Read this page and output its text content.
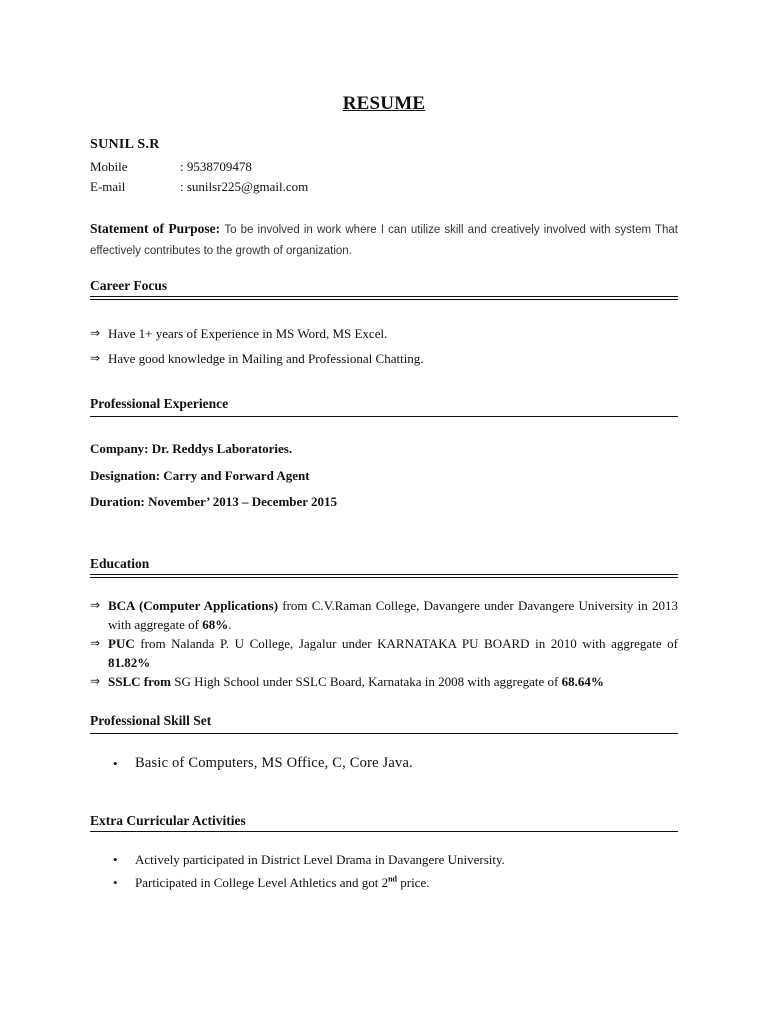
RESUME
SUNIL S.R
Mobile	: 9538709478
E-mail	: sunilsr225@gmail.com
Statement of Purpose: To be involved in work where I can utilize skill and creatively involved with system That effectively contributes to the growth of organization.
Career Focus
⇒ Have 1+ years of Experience in MS Word, MS Excel.
⇒ Have good knowledge in Mailing and Professional Chatting.
Professional Experience
Company: Dr. Reddys Laboratories.
Designation: Carry and Forward Agent
Duration: November’ 2013 – December 2015
Education
⇒ BCA (Computer Applications) from C.V.Raman College, Davangere under Davangere University in 2013 with aggregate of 68%.
⇒ PUC from Nalanda P. U College, Jagalur under KARNATAKA PU BOARD in 2010 with aggregate of 81.82%
⇒ SSLC from SG High School under SSLC Board, Karnataka in 2008 with aggregate of 68.64%
Professional Skill Set
•	Basic of Computers, MS Office, C, Core Java.
Extra Curricular Activities
•	Actively participated in District Level Drama in Davangere University.
•	Participated in College Level Athletics and got 2nd price.
